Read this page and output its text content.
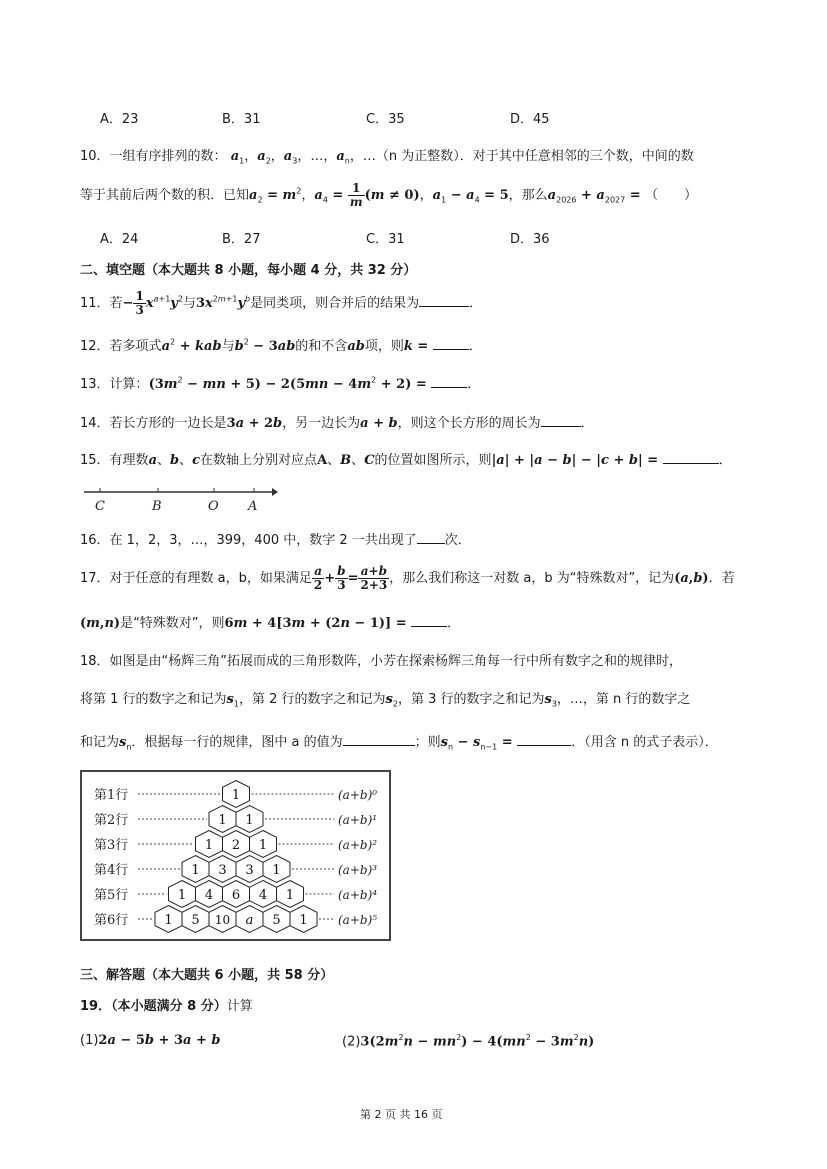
A．23	B．31	C．35	D．45
10．一组有序排列的数： $a_1$，$a_2$，$a_3$，…，$a_n$，…（n 为正整数）．对于其中任意相邻的三个数，中间的数
等于其前后两个数的积．已知$a_2 = m^2$，$a_4 = \frac{1}{m} (m \ne 0)$，$a_1 - a_4 = 5$，那么$a_{2026} + a_{2027}$ = （　　）
A．24	B．27	C．31	D．36
二、填空题（本大题共 8 小题，每小题 4 分，共 32 分）
11．若− $\frac{1}{3} x^{a+1}y^2$与$3x^{2m+1}y^b$是同类项，则合并后的结果为	．
12．若多项式$a^2$ + kab与$b^2 - 3ab$的和不含ab项，则k =	．
13．计算：($3m^2$ − mn + $5) - 2(5mn - 4m^2 + 2)$ =	．
14．若长方形的一边长是3a + 2b，另一边长为a + b，则这个长方形的周长为	．
15．有理数a、b、c在数轴上分别对应点A、B、C的位置如图所示，则|a| + |a − b| − |c + b| =	．
C	B	O A
16．在 1，2，3，…，399，400 中，数字 2 一共出现了 次．
17．对于任意的有理数 a，b，如果满足 $\frac{a}{2} + \frac{b}{3} = \frac{a+b}{2+3}$ ，那么我们称这一对数 a，b 为“特殊数对”，记为(a,b)．若
(m,n)是“特殊数对”，则6m + 4[3m + (2n − 1)] =	．
18．如图是由“杨辉三角”拓展而成的三角形数阵，小芳在探索杨辉三角每一行中所有数字之和的规律时，
将第 1 行的数字之和记为$s_1$，第 2 行的数字之和记为$s_2$，第 3 行的数字之和记为$s_3$，…，第 n 行的数字之
和记为$s_n$．根据每一行的规律，图中 a 的值为	；则$s_n - s_{n-1}$ =	．（用含 n 的式子表示）．
第1行	1	(a+b)⁰
第2行	1 1	(a+b)¹
第3行	1 2 1	(a+b)²
第4行	1 3 3 1	(a+b)³
第5行	1 4 6 4 1	(a+b)⁴
第6行	1 5 10 a 5 1	(a+b)⁵
三、解答题（本大题共 6 小题，共 58 分）
19．（本小题满分 8 分）计算
(1)2a − 5b + 3a + b	$(2)3(2m^2n - mn^2) - 4(mn^2 - 3m^2n)$
第 2 页 共 16 页
